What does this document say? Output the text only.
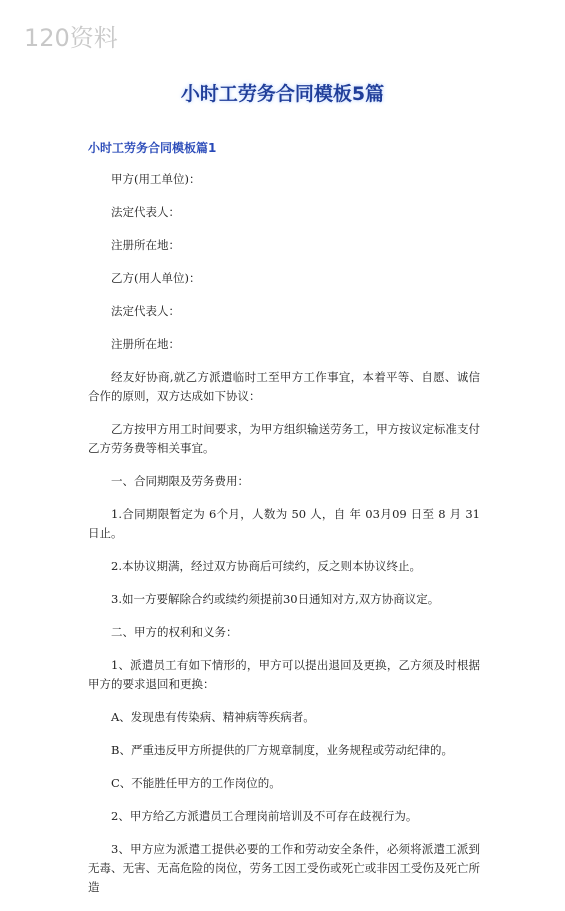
120资料
小时工劳务合同模板5篇
小时工劳务合同模板篇1

甲方(用工单位)：

法定代表人：

注册所在地：

乙方(用人单位)：

法定代表人：

注册所在地：

经友好协商,就乙方派遣临时工至甲方工作事宜，本着平等、自愿、诚信合作的原则，双方达成如下协议：

乙方按甲方用工时间要求，为甲方组织输送劳务工，甲方按议定标准支付乙方劳务费等相关事宜。

一、合同期限及劳务费用：

1.合同期限暂定为 6个月，人数为 50 人，自 年 03月09 日至 8 月 31 日止。

2.本协议期满，经过双方协商后可续约，反之则本协议终止。

3.如一方要解除合约或续约须提前30日通知对方,双方协商议定。

二、甲方的权利和义务：

1、派遣员工有如下情形的，甲方可以提出退回及更换，乙方须及时根据甲方的要求退回和更换：

A、发现患有传染病、精神病等疾病者。

B、严重违反甲方所提供的厂方规章制度，业务规程或劳动纪律的。

C、不能胜任甲方的工作岗位的。

2、甲方给乙方派遣员工合理岗前培训及不可存在歧视行为。

3、甲方应为派遣工提供必要的工作和劳动安全条件，必须将派遣工派到无毒、无害、无高危险的岗位，劳务工因工受伤或死亡或非因工受伤及死亡所造
